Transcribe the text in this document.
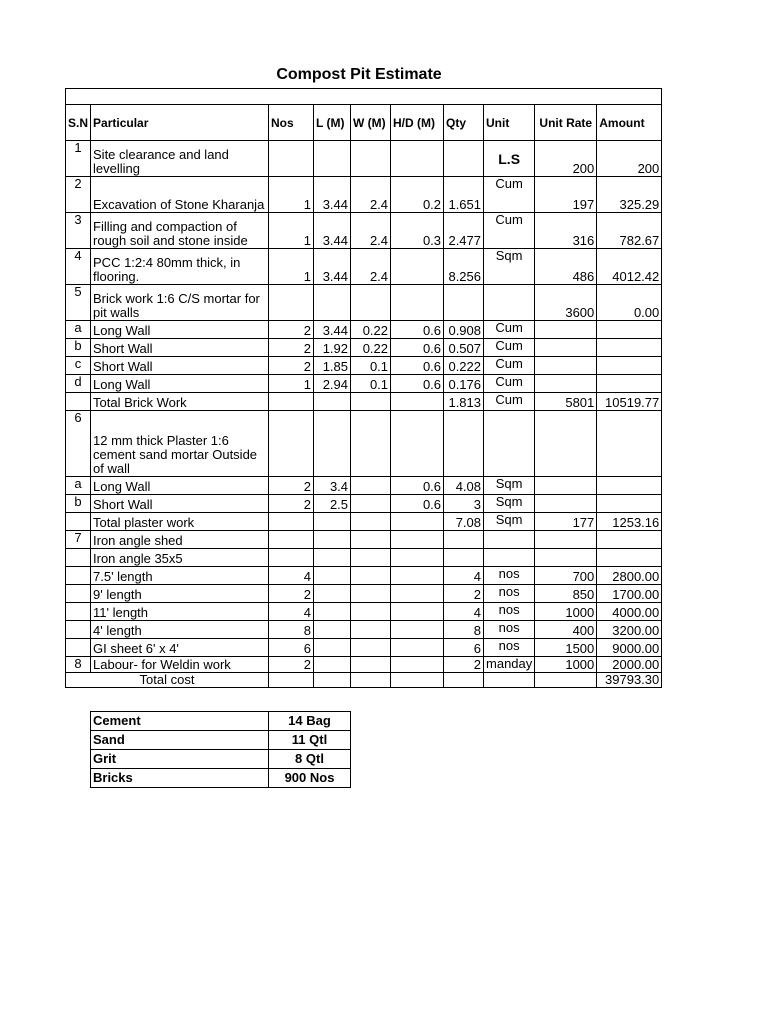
Compost Pit Estimate

S.N	Particular	Nos	L (M)	W (M)	H/D (M)	Qty	Unit	Unit Rate	Amount
1	Site clearance and land levelling						L.S	200	200
2	Excavation of Stone Kharanja	1	3.44	2.4	0.2	1.651	Cum	197	325.29
3	Filling and compaction of rough soil and stone inside	1	3.44	2.4	0.3	2.477	Cum	316	782.67
4	PCC 1:2:4 80mm thick, in flooring.	1	3.44	2.4		8.256	Sqm	486	4012.42
5	Brick work 1:6 C/S mortar for pit walls							3600	0.00
a	Long Wall	2	3.44	0.22	0.6	0.908	Cum		
b	Short Wall	2	1.92	0.22	0.6	0.507	Cum		
c	Short Wall	2	1.85	0.1	0.6	0.222	Cum		
d	Long Wall	1	2.94	0.1	0.6	0.176	Cum		
	Total Brick Work					1.813	Cum	5801	10519.77
6	12 mm thick Plaster 1:6 cement sand mortar Outside of wall								
a	Long Wall	2	3.4		0.6	4.08	Sqm		
b	Short Wall	2	2.5		0.6	3	Sqm		
	Total plaster work					7.08	Sqm	177	1253.16
7	Iron angle shed								
	Iron angle 35x5								
	7.5' length	4				4	nos	700	2800.00
	9' length	2				2	nos	850	1700.00
	11' length	4				4	nos	1000	4000.00
	4' length	8				8	nos	400	3200.00
	GI sheet 6' x 4'	6				6	nos	1500	9000.00
8	Labour- for Weldin work	2				2	manday	1000	2000.00
Total cost									39793.30
Cement	14 Bag
Sand	11 Qtl
Grit	8 Qtl
Bricks	900 Nos
